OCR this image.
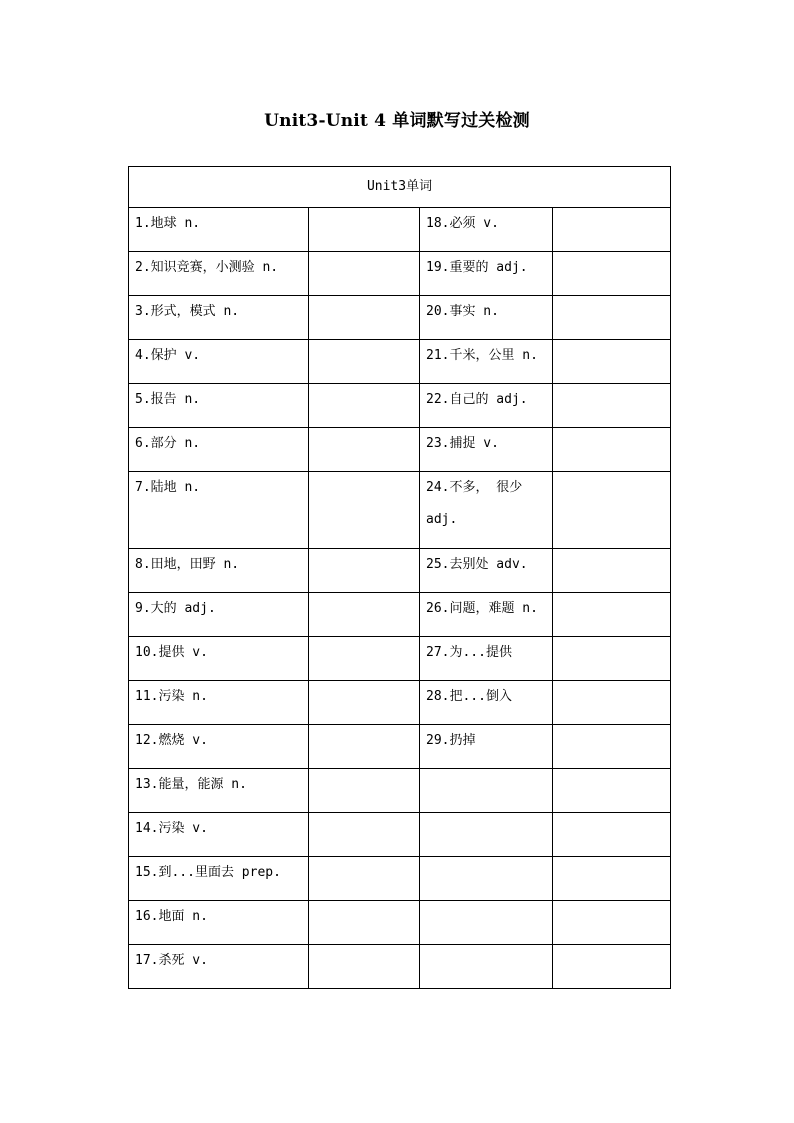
Unit3-Unit 4 单词默写过关检测
Unit3单词			
1.地球 n.		18.必须 v.	
2.知识竞赛，小测验 n.		19.重要的 adj.	
3.形式，模式 n.		20.事实 n.	
4.保护 v.		21.千米，公里 n.	
5.报告 n.		22.自己的 adj.	
6.部分 n.		23.捕捉 v.	
7.陆地 n.		24.不多， 很少 adj.	
8.田地，田野 n.		25.去别处 adv.	
9.大的 adj.		26.问题，难题 n.	
10.提供 v.		27.为...提供	
11.污染 n.		28.把...倒入	
12.燃烧 v.		29.扔掉	
13.能量，能源 n.			
14.污染 v.			
15.到...里面去 prep.			
16.地面 n.			
17.杀死 v.			
